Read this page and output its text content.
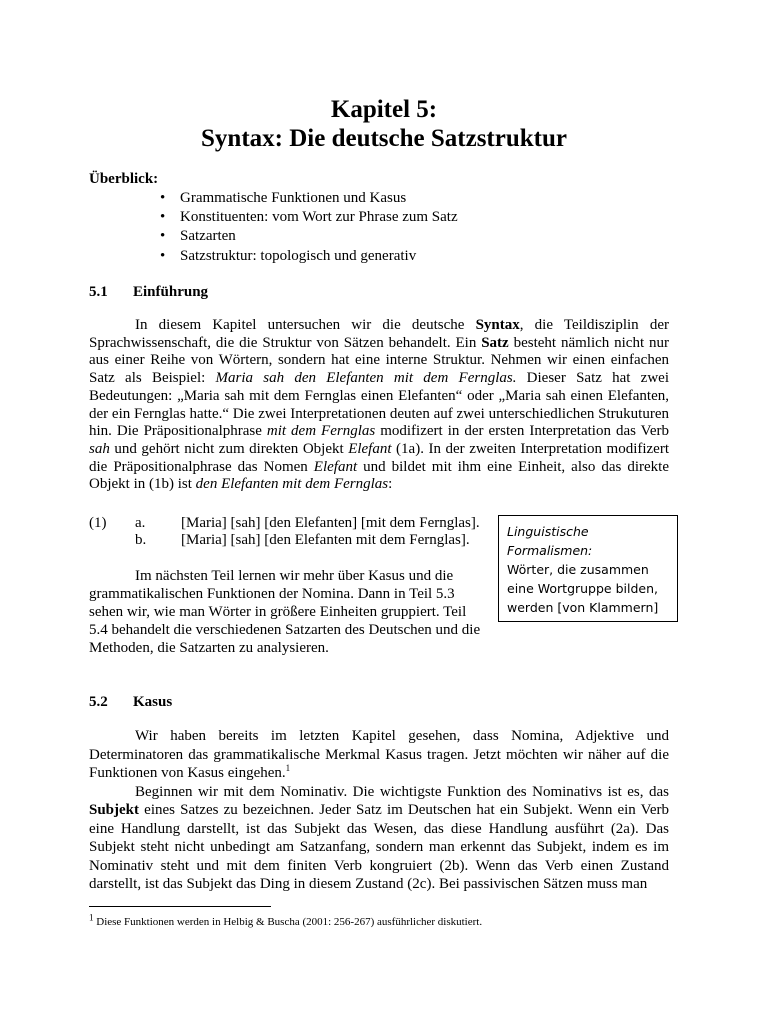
Kapitel 5:
Syntax: Die deutsche Satzstruktur
Überblick:
• Grammatische Funktionen und Kasus
• Konstituenten: vom Wort zur Phrase zum Satz
• Satzarten
• Satzstruktur: topologisch und generativ
5.1 Einführung
In diesem Kapitel untersuchen wir die deutsche Syntax, die Teildisziplin der Sprachwissenschaft, die die Struktur von Sätzen behandelt. Ein Satz besteht nämlich nicht nur aus einer Reihe von Wörtern, sondern hat eine interne Struktur. Nehmen wir einen einfachen Satz als Beispiel: Maria sah den Elefanten mit dem Fernglas. Dieser Satz hat zwei Bedeutungen: „Maria sah mit dem Fernglas einen Elefanten“ oder „Maria sah einen Elefanten, der ein Fernglas hatte.“ Die zwei Interpretationen deuten auf zwei unterschiedlichen Strukuturen hin. Die Präpositionalphrase mit dem Fernglas modifizert in der ersten Interpretation das Verb sah und gehört nicht zum direkten Objekt Elefant (1a). In der zweiten Interpretation modifizert die Präpositionalphrase das Nomen Elefant und bildet mit ihm eine Einheit, also das direkte Objekt in (1b) ist den Elefanten mit dem Fernglas:
(1) a. [Maria] [sah] [den Elefanten] [mit dem Fernglas].
b. [Maria] [sah] [den Elefanten mit dem Fernglas].
Linguistische
Formalismen:
Wörter, die zusammen
eine Wortgruppe bilden,
werden [von Klammern]
Im nächsten Teil lernen wir mehr über Kasus und die grammatikalischen Funktionen der Nomina. Dann in Teil 5.3 sehen wir, wie man Wörter in größere Einheiten gruppiert. Teil 5.4 behandelt die verschiedenen Satzarten des Deutschen und die Methoden, die Satzarten zu analysieren.
5.2 Kasus
Wir haben bereits im letzten Kapitel gesehen, dass Nomina, Adjektive und Determinatoren das grammatikalische Merkmal Kasus tragen. Jetzt möchten wir näher auf die Funktionen von Kasus eingehen.$^1$
Beginnen wir mit dem Nominativ. Die wichtigste Funktion des Nominativs ist es, das Subjekt eines Satzes zu bezeichnen. Jeder Satz im Deutschen hat ein Subjekt. Wenn ein Verb eine Handlung darstellt, ist das Subjekt das Wesen, das diese Handlung ausführt (2a). Das Subjekt steht nicht unbedingt am Satzanfang, sondern man erkennt das Subjekt, indem es im Nominativ steht und mit dem finiten Verb kongruiert (2b). Wenn das Verb einen Zustand darstellt, ist das Subjekt das Ding in diesem Zustand (2c). Bei passivischen Sätzen muss man
$^1$ Diese Funktionen werden in Helbig & Buscha (2001: 256-267) ausführlicher diskutiert.
